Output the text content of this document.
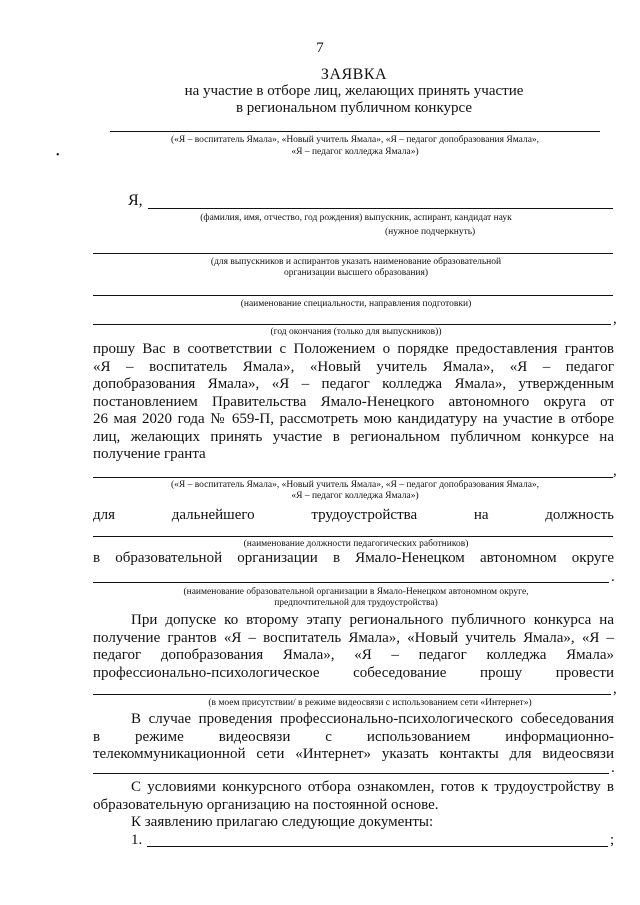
7
ЗАЯВКА
на участие в отборе лиц, желающих принять участие
в региональном публичном конкурсе
(«Я – воспитатель Ямала», «Новый учитель Ямала», «Я – педагог допобразования Ямала»,
«Я – педагог колледжа Ямала»)
•
Я,
(фамилия, имя, отчество, год рождения) выпускник, аспирант, кандидат наук
(нужное подчеркнуть)
(для выпускников и аспирантов указать наименование образовательной
организации высшего образования)
(наименование специальности, направления подготовки)
,
(год окончания (только для выпускников))
прошу Вас в соответствии с Положением о порядке предоставления грантов
«Я – воспитатель Ямала», «Новый учитель Ямала», «Я – педагог
допобразования Ямала», «Я – педагог колледжа Ямала», утвержденным
постановлением Правительства Ямало-Ненецкого автономного округа от
26 мая 2020 года № 659-П, рассмотреть мою кандидатуру на участие в отборе
лиц, желающих принять участие в региональном публичном конкурсе на
получение гранта
,
(«Я – воспитатель Ямала», «Новый учитель Ямала», «Я – педагог допобразования Ямала»,
«Я – педагог колледжа Ямала»)
для дальнейшего трудоустройства на должность
(наименование должности педагогических работников)
в образовательной организации в Ямало-Ненецком автономном округе
.
(наименование образовательной организации в Ямало-Ненецком автономном округе,
предпочтительной для трудоустройства)
При допуске ко второму этапу регионального публичного конкурса на
получение грантов «Я – воспитатель Ямала», «Новый учитель Ямала», «Я –
педагог допобразования Ямала», «Я – педагог колледжа Ямала»
профессионально-психологическое собеседование прошу провести
,
(в моем присутствии/ в режиме видеосвязи с использованием сети «Интернет»)
В случае проведения профессионально-психологического собеседования
в режиме видеосвязи с использованием информационно-
телекоммуникационной сети «Интернет» указать контакты для видеосвязи
.
С условиями конкурсного отбора ознакомлен, готов к трудоустройству в
образовательную организацию на постоянной основе.
К заявлению прилагаю следующие документы:
1.	;
